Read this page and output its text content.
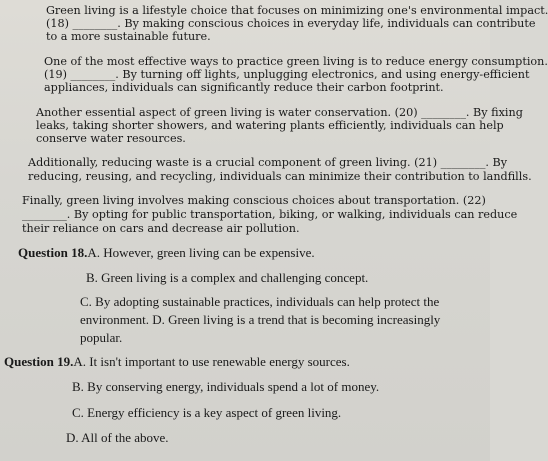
Green living is a lifestyle choice that focuses on minimizing one's environmental impact.
(18) ________. By making conscious choices in everyday life, individuals can contribute
to a more sustainable future.
One of the most effective ways to practice green living is to reduce energy consumption.
(19) ________. By turning off lights, unplugging electronics, and using energy-efficient
appliances, individuals can significantly reduce their carbon footprint.
Another essential aspect of green living is water conservation. (20) ________. By fixing
leaks, taking shorter showers, and watering plants efficiently, individuals can help
conserve water resources.
Additionally, reducing waste is a crucial component of green living. (21) ________. By
reducing, reusing, and recycling, individuals can minimize their contribution to landfills.
Finally, green living involves making conscious choices about transportation. (22)
________. By opting for public transportation, biking, or walking, individuals can reduce
their reliance on cars and decrease air pollution.
Question 18.A. However, green living can be expensive.
B. Green living is a complex and challenging concept.
C. By adopting sustainable practices, individuals can help protect the
environment. D. Green living is a trend that is becoming increasingly
popular.
Question 19.A. It isn't important to use renewable energy sources.
B. By conserving energy, individuals spend a lot of money.
C. Energy efficiency is a key aspect of green living.
D. All of the above.
